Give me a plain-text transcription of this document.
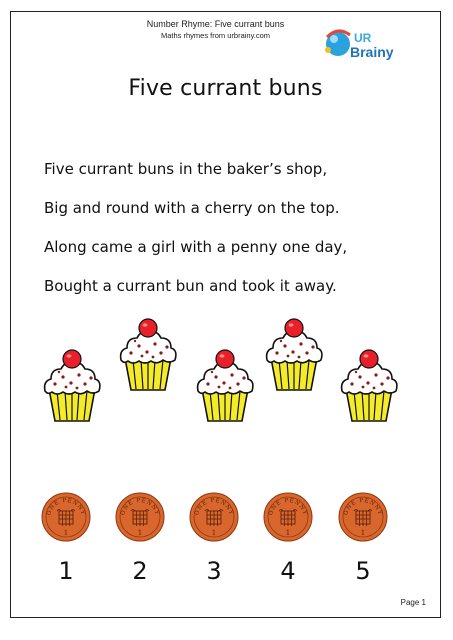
Number Rhyme: Five currant buns
Maths rhymes from urbrainy.com	UR
Brainy
Five currant buns
Five currant buns in the baker’s shop,
Big and round with a cherry on the top.
Along came a girl with a penny one day,
Bought a currant bun and took it away.
1	2	3	4	5
Page 1
